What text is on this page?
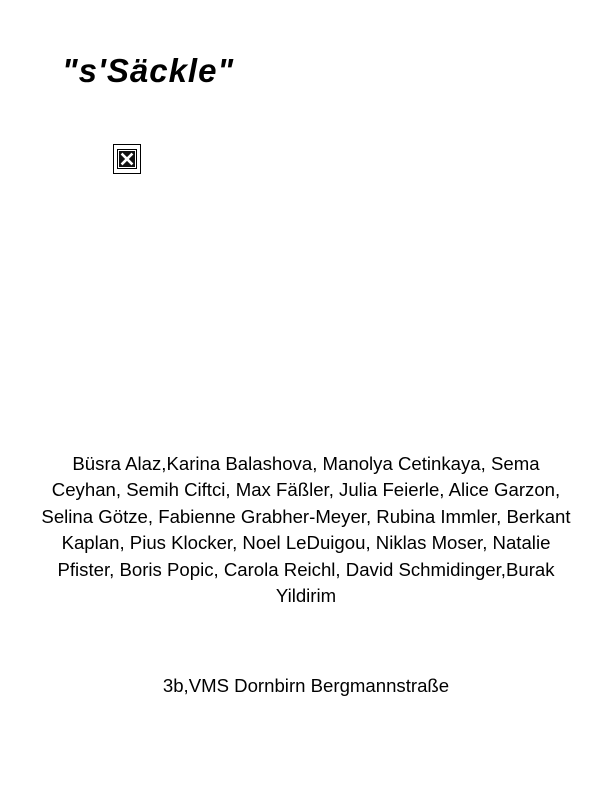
"s'Säckle"

Büsra Alaz,Karina Balashova, Manolya Cetinkaya, Sema Ceyhan, Semih Ciftci, Max Fäßler, Julia Feierle, Alice Garzon, Selina Götze, Fabienne Grabher-Meyer, Rubina Immler, Berkant Kaplan, Pius Klocker, Noel LeDuigou, Niklas Moser, Natalie Pfister, Boris Popic, Carola Reichl, David Schmidinger,Burak Yildirim

3b,VMS Dornbirn Bergmannstraße
